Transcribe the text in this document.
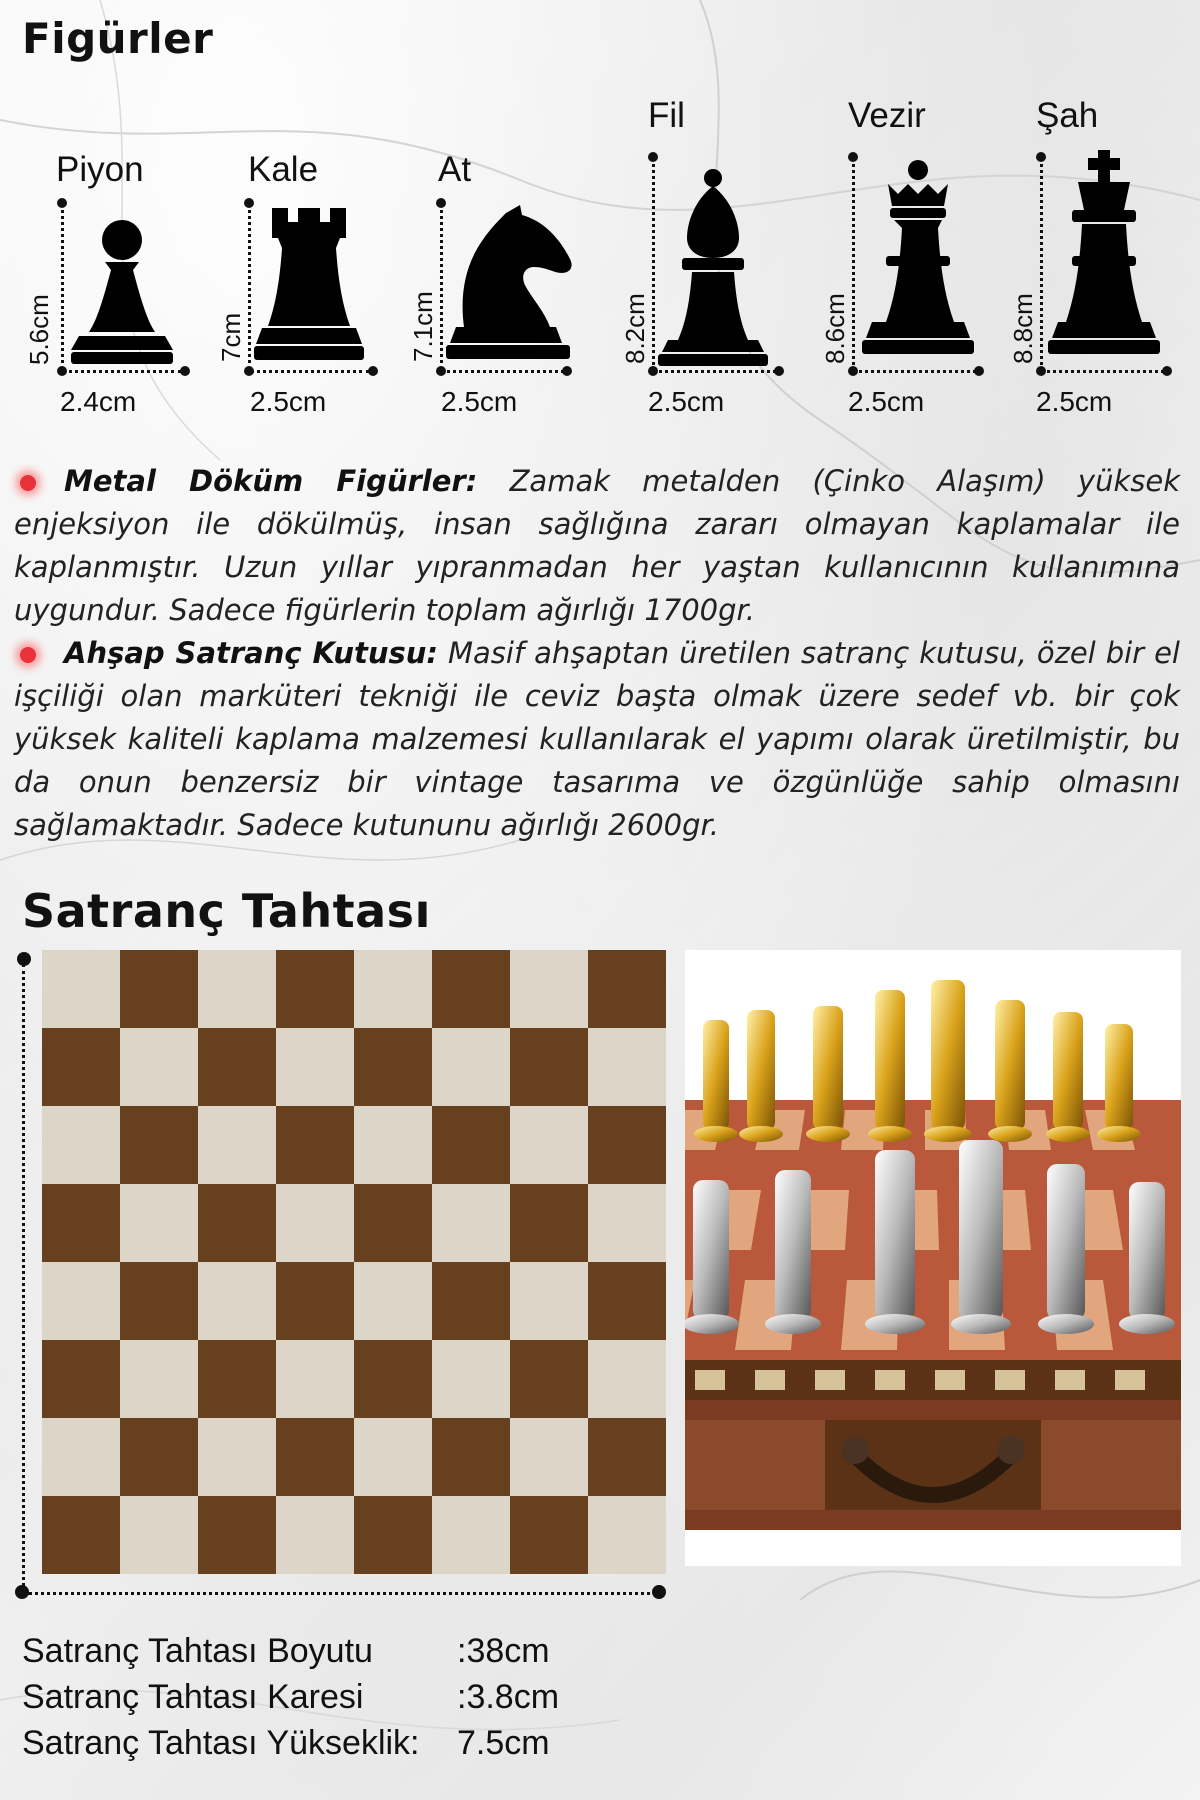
Figürler
Piyon
5.6cm
2.4cm
Kale
7cm
2.5cm
At
7.1cm
2.5cm
Fil
8.2cm
2.5cm
Vezir
8.6cm
2.5cm
Şah
8.8cm
2.5cm

Metal Döküm Figürler: Zamak metalden (Çinko Alaşım) yüksek enjeksiyon ile dökülmüş, insan sağlığına zararı olmayan kaplamalar ile kaplanmıştır. Uzun yıllar yıpranmadan her yaştan kullanıcının kullanımına uygundur. Sadece figürlerin toplam ağırlığı 1700gr.

Ahşap Satranç Kutusu: Masif ahşaptan üretilen satranç kutusu, özel bir el işçiliği olan marküteri tekniği ile ceviz başta olmak üzere sedef vb. bir çok yüksek kaliteli kaplama malzemesi kullanılarak el yapımı olarak üretilmiştir, bu da onun benzersiz bir vintage tasarıma ve özgünlüğe sahip olmasını sağlamaktadır. Sadece kutununu ağırlığı 2600gr.

Satranç Tahtası
Satranç Tahtası Boyutu :38cm
Satranç Tahtası Karesi	:3.8cm
Satranç Tahtası Yükseklik: 7.5cm
